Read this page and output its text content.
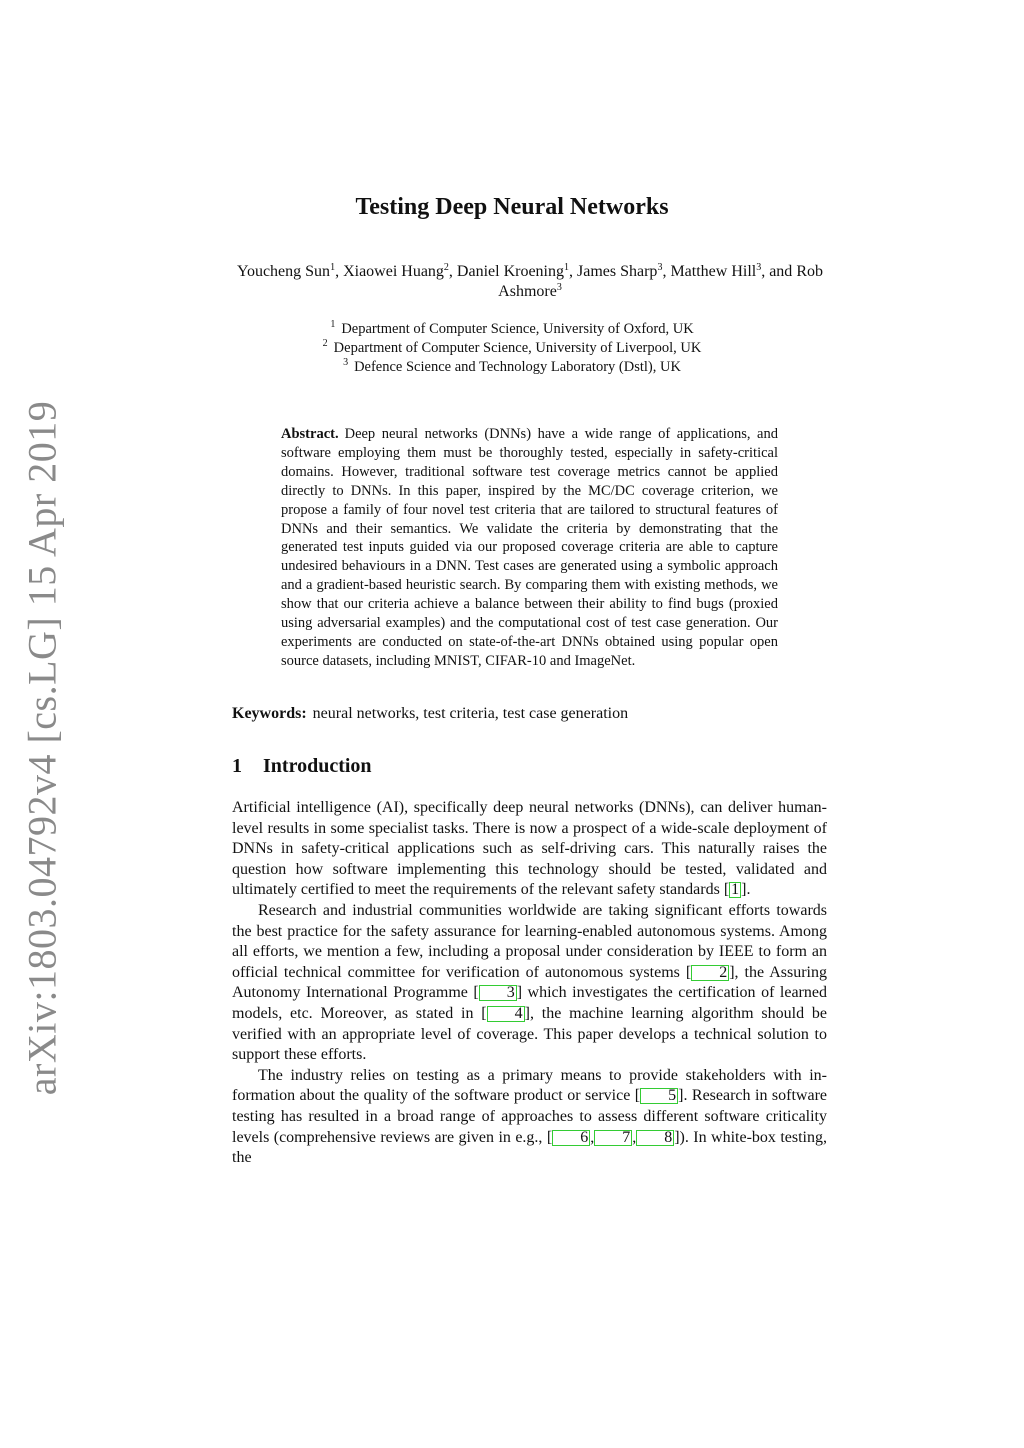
arXiv:1803.04792v4 [cs.LG] 15 Apr 2019
Testing Deep Neural Networks
Youcheng Sun$^1$, Xiaowei Huang$^2$, Daniel Kroening$^1$, James Sharp$^3$, Matthew Hill$^3$, and Rob Ashmore$^3$
$^1$ Department of Computer Science, University of Oxford, UK
$^2$ Department of Computer Science, University of Liverpool, UK
$^3$ Defence Science and Technology Laboratory (Dstl), UK
Abstract. Deep neural networks (DNNs) have a wide range of applications, and software employing them must be thoroughly tested, especially in safety-critical domains. However, traditional software test coverage metrics cannot be applied directly to DNNs. In this paper, inspired by the MC/DC coverage criterion, we propose a family of four novel test criteria that are tailored to structural features of DNNs and their semantics. We validate the criteria by demonstrating that the generated test inputs guided via our proposed coverage criteria are able to capture undesired behaviours in a DNN. Test cases are generated using a symbolic approach and a gradient-based heuristic search. By comparing them with existing methods, we show that our criteria achieve a balance between their ability to find bugs (proxied using adversarial examples) and the computational cost of test case generation. Our experiments are conducted on state-of-the-art DNNs obtained using popular open source datasets, including MNIST, CIFAR-10 and ImageNet.
Keywords: neural networks, test criteria, test case generation
1 Introduction

Artificial intelligence (AI), specifically deep neural networks (DNNs), can deliver humanlevel results in some specialist tasks. There is now a prospect of a wide-scale deployment of DNNs in safety-critical applications such as self-driving cars. This naturally raises the question how software implementing this technology should be tested, validated and ultimately certified to meet the requirements of the relevant safety standards [ 1 ].

Research and industrial communities worldwide are taking significant efforts towards the best practice for the safety assurance for learning-enabled autonomous systems. Among all efforts, we mention a few, including a proposal under consideration by IEEE to form an official technical committee for verification of autonomous systems [ 2 ], the Assuring Autonomy International Programme [ 3 ] which investigates the certification of learned models, etc. Moreover, as stated in [ 4 ], the machine learning algorithm should be verified with an appropriate level of coverage. This paper develops a technical solution to support these efforts.

The industry relies on testing as a primary means to provide stakeholders with information about the quality of the software product or service [ 5 ]. Research in software testing has resulted in a broad range of approaches to assess different software criticality levels (comprehensive reviews are given in e.g., [ 6 , 7 , 8 ]). In white-box testing, the
